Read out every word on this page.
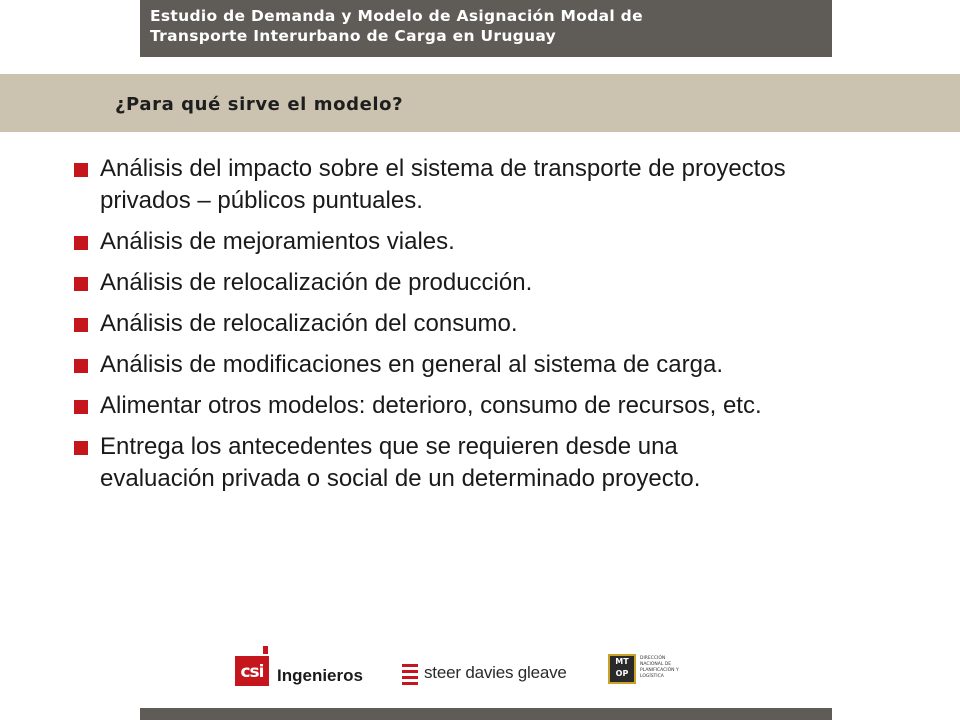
Estudio de Demanda y Modelo de Asignación Modal de
Transporte Interurbano de Carga en Uruguay
¿Para qué sirve el modelo?
Análisis del impacto sobre el sistema de transporte de proyectos privados – públicos puntuales.
Análisis de mejoramientos viales.
Análisis de relocalización de producción.
Análisis de relocalización del consumo.
Análisis de modificaciones en general al sistema de carga.
Alimentar otros modelos: deterioro, consumo de recursos, etc.
Entrega los antecedentes que se requieren desde una evaluación privada o social de un determinado proyecto.
csi Ingenieros	steer davies gleave
MT
OP
DIRECCIÓN NACIONAL DE PLANIFICACIÓN Y LOGÍSTICA
